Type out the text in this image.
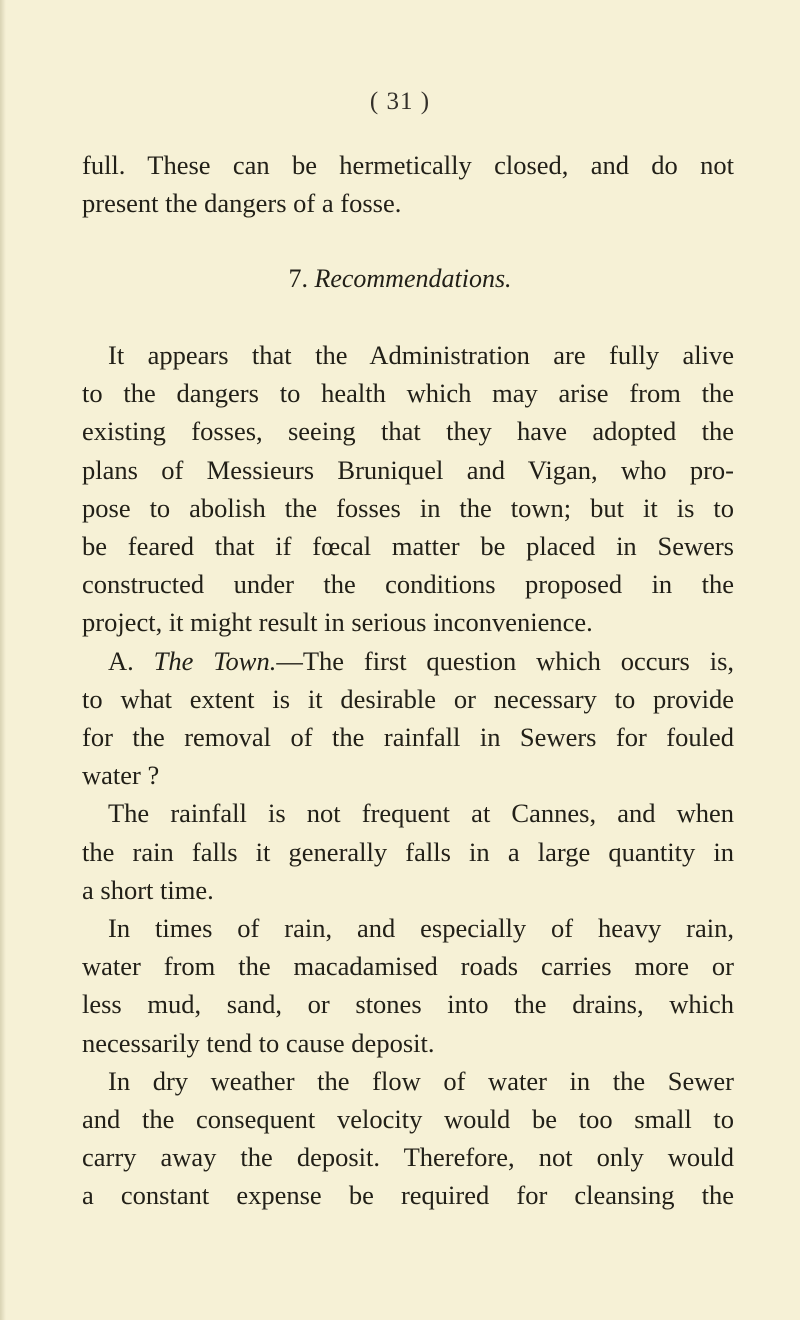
( 31 )
full. These can be hermetically closed, and do not
present the dangers of a fosse.
7. Recommendations.
It appears that the Administration are fully alive
to the dangers to health which may arise from the
existing fosses, seeing that they have adopted the
plans of Messieurs Bruniquel and Vigan, who pro-
pose to abolish the fosses in the town; but it is to
be feared that if fœcal matter be placed in Sewers
constructed under the conditions proposed in the
project, it might result in serious inconvenience.
A. The Town.—The first question which occurs is,
to what extent is it desirable or necessary to provide
for the removal of the rainfall in Sewers for fouled
water ?
The rainfall is not frequent at Cannes, and when
the rain falls it generally falls in a large quantity in
a short time.
In times of rain, and especially of heavy rain,
water from the macadamised roads carries more or
less mud, sand, or stones into the drains, which
necessarily tend to cause deposit.
In dry weather the flow of water in the Sewer
and the consequent velocity would be too small to
carry away the deposit. Therefore, not only would
a constant expense be required for cleansing the
